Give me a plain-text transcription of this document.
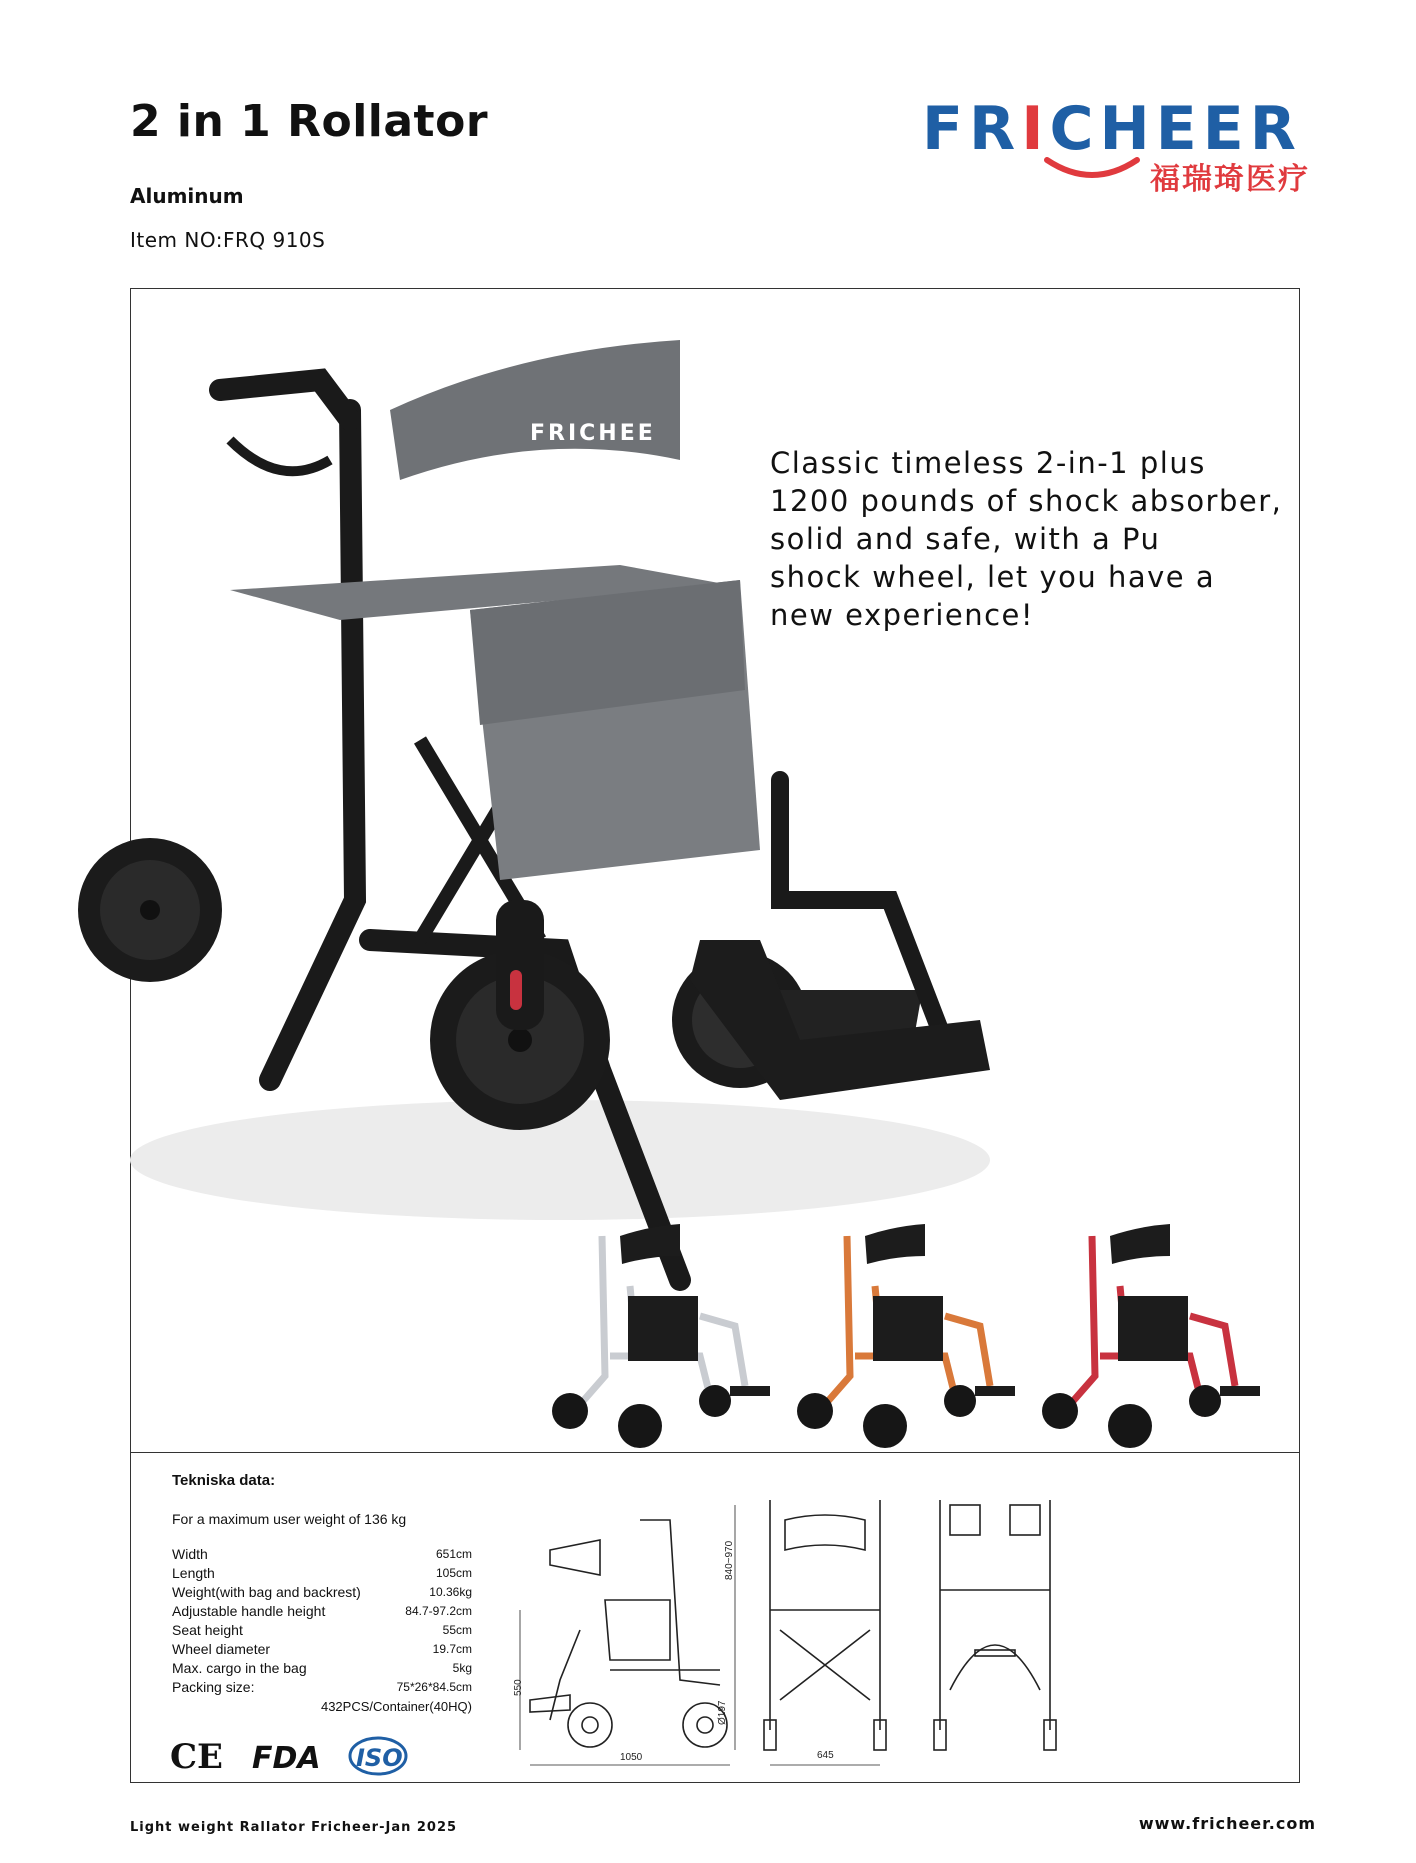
2 in 1 Rollator
Aluminum
Item NO:FRQ 910S
FRICHEER
福瑞琦医疗
FRICHEE
Classic timeless 2-in-1 plus
1200 pounds of shock absorber,
solid and safe, with a Pu
shock wheel, let you have a
new experience!
Tekniska data:
For a maximum user weight of 136 kg
Width	651cm
Length	105cm
Weight(with bag and backrest)	10.36kg
Adjustable handle height	84.7-97.2cm
Seat height	55cm
Wheel diameter	19.7cm
Max. cargo in the bag	5kg
Packing size:	75*26*84.5cm
432PCS/Container(40HQ)
CE FDA ISO	1050
550
840~970
Ø197
645
Light weight Rallator Fricheer-Jan 2025	www.fricheer.com
